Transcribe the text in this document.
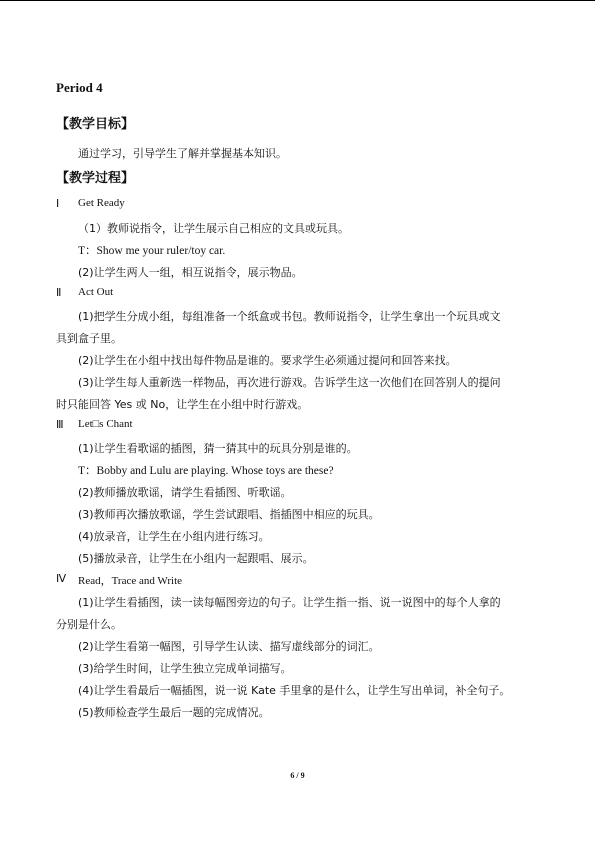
Period 4
【教学目标】
通过学习，引导学生了解并掌握基本知识。
【教学过程】
Ⅰ Get Ready
（1）教师说指令，让学生展示自己相应的文具或玩具。
T：Show me your ruler/toy car.
(2)让学生两人一组，相互说指令，展示物品。
Ⅱ Act Out
(1)把学生分成小组，每组准备一个纸盒或书包。教师说指令，让学生拿出一个玩具或文
具到盒子里。
(2)让学生在小组中找出每件物品是谁的。要求学生必须通过提问和回答来找。
(3)让学生每人重新选一样物品，再次进行游戏。告诉学生这一次他们在回答别人的提问
时只能回答 Yes 或 No，让学生在小组中时行游戏。
Ⅲ Let□s Chant
(1)让学生看歌谣的插图，猜一猜其中的玩具分别是谁的。
T：Bobby and Lulu are playing. Whose toys are these?
(2)教师播放歌谣，请学生看插图、听歌谣。
(3)教师再次播放歌谣，学生尝试跟唱、指插图中相应的玩具。
(4)放录音，让学生在小组内进行练习。
(5)播放录音，让学生在小组内一起跟唱、展示。
Ⅳ Read，Trace and Write
(1)让学生看插图，读一读每幅图旁边的句子。让学生指一指、说一说图中的每个人拿的
分别是什么。
(2)让学生看第一幅图，引导学生认读、描写虚线部分的词汇。
(3)给学生时间，让学生独立完成单词描写。
(4)让学生看最后一幅插图，说一说 Kate 手里拿的是什么，让学生写出单词，补全句子。
(5)教师检查学生最后一题的完成情况。
6 / 9
